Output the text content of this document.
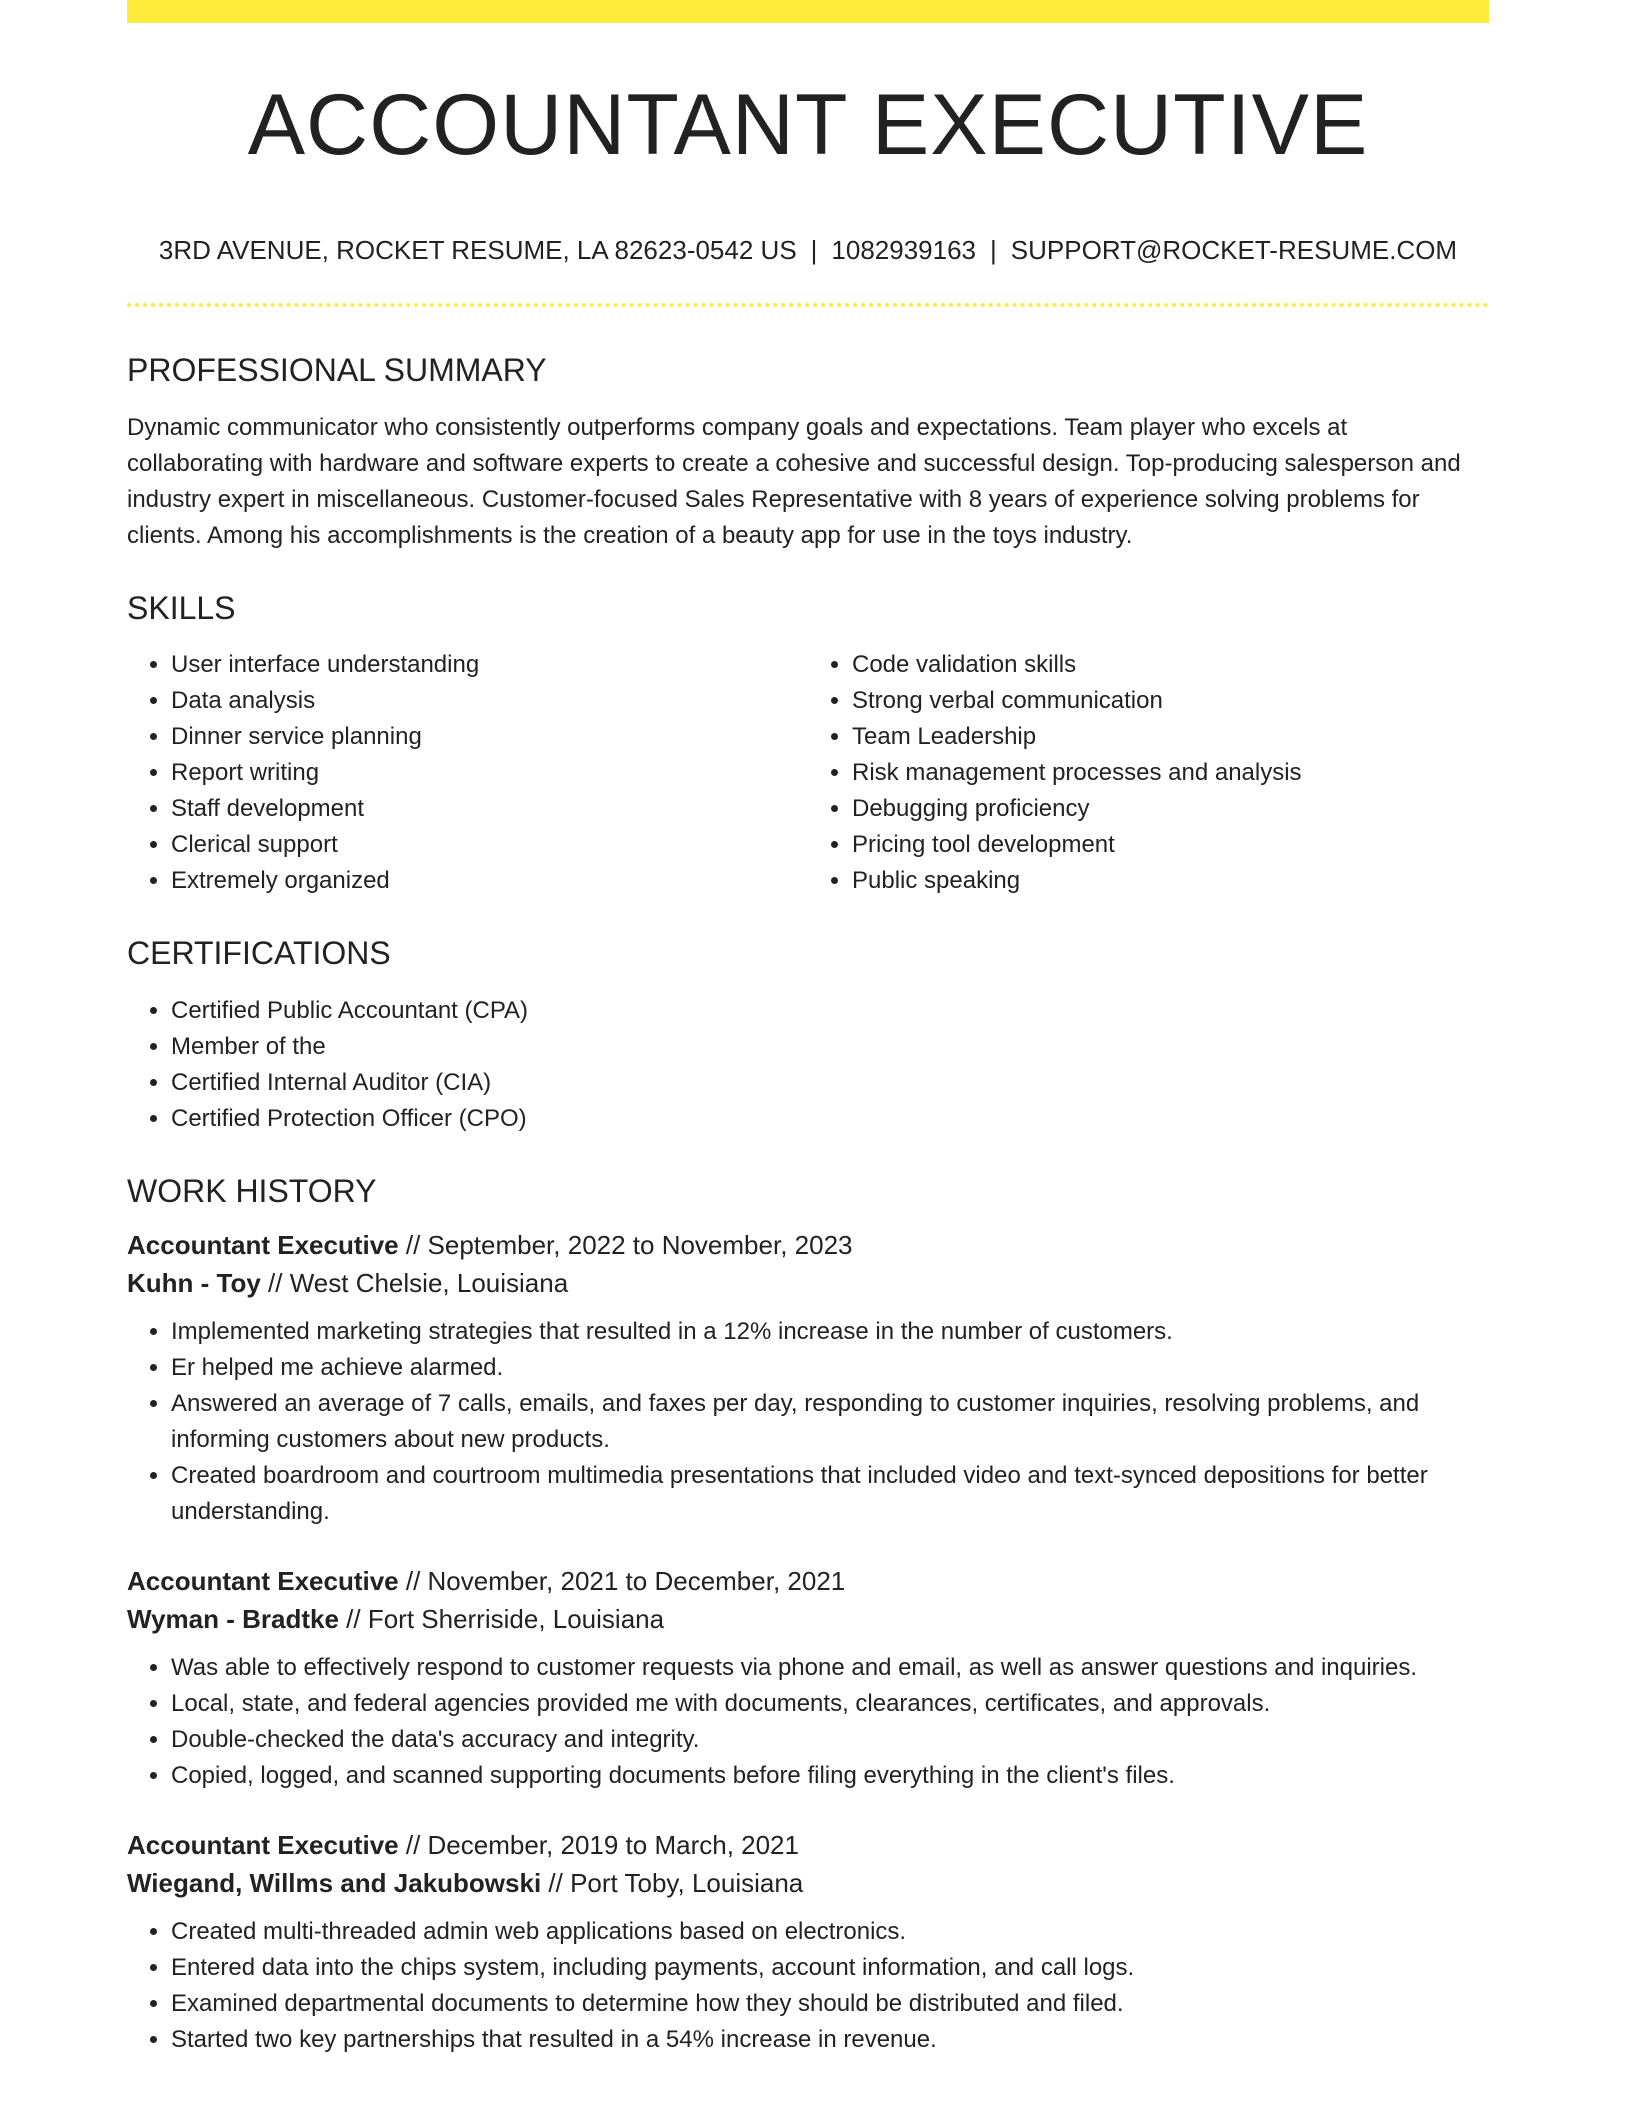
ACCOUNTANT EXECUTIVE
3RD AVENUE, ROCKET RESUME, LA 82623-0542 US | 1082939163 | SUPPORT@ROCKET-RESUME.COM
PROFESSIONAL SUMMARY

Dynamic communicator who consistently outperforms company goals and expectations. Team player who excels at collaborating with hardware and software experts to create a cohesive and successful design. Top-producing salesperson and industry expert in miscellaneous. Customer-focused Sales Representative with 8 years of experience solving problems for clients. Among his accomplishments is the creation of a beauty app for use in the toys industry.

SKILLS
• User interface understanding
• Data analysis
• Dinner service planning
• Report writing
• Staff development
• Clerical support
• Extremely organized
• Code validation skills
• Strong verbal communication
• Team Leadership
• Risk management processes and analysis
• Debugging proficiency
• Pricing tool development
• Public speaking
CERTIFICATIONS
• Certified Public Accountant (CPA)
• Member of the
• Certified Internal Auditor (CIA)
• Certified Protection Officer (CPO)
WORK HISTORY
Accountant Executive // September, 2022 to November, 2023
Kuhn - Toy // West Chelsie, Louisiana
• Implemented marketing strategies that resulted in a 12% increase in the number of customers.
• Er helped me achieve alarmed.
• Answered an average of 7 calls, emails, and faxes per day, responding to customer inquiries, resolving problems, and informing customers about new products.
• Created boardroom and courtroom multimedia presentations that included video and text-synced depositions for better understanding.
Accountant Executive // November, 2021 to December, 2021
Wyman - Bradtke // Fort Sherriside, Louisiana
• Was able to effectively respond to customer requests via phone and email, as well as answer questions and inquiries.
• Local, state, and federal agencies provided me with documents, clearances, certificates, and approvals.
• Double-checked the data's accuracy and integrity.
• Copied, logged, and scanned supporting documents before filing everything in the client's files.
Accountant Executive // December, 2019 to March, 2021
Wiegand, Willms and Jakubowski // Port Toby, Louisiana
• Created multi-threaded admin web applications based on electronics.
• Entered data into the chips system, including payments, account information, and call logs.
• Examined departmental documents to determine how they should be distributed and filed.
• Started two key partnerships that resulted in a 54% increase in revenue.
